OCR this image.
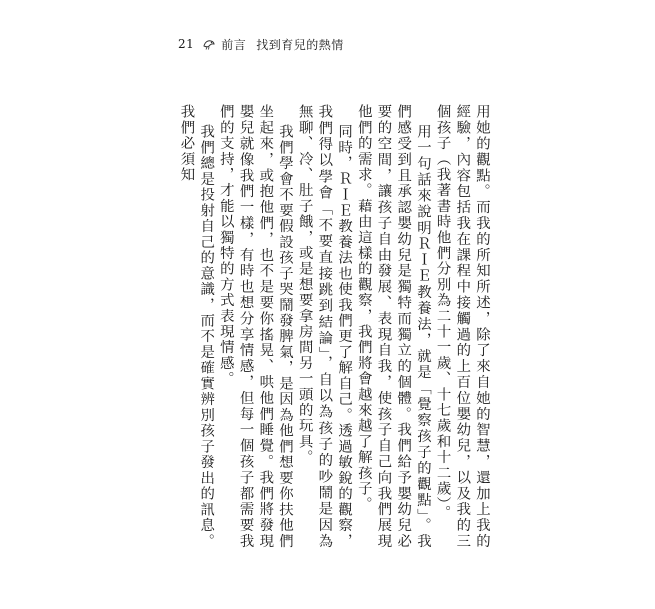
21 前言 找到育兒的熱情

用她的觀點。而我的所知所述，除了來自她的智慧，還加上我的經驗，內容包括我在課程中接觸過的上百位嬰幼兒，以及我的三個孩子（我著書時他們分別為二十一歲、十七歲和十二歲）。

用一句話來說明ＲＩＥ教養法，就是「覺察孩子的觀點」。我們感受到且承認嬰幼兒是獨特而獨立的個體。我們給予嬰幼兒必要的空間，讓孩子自由發展、表現自我，使孩子自己向我們展現他們的需求。藉由這樣的觀察，我們將會越來越了解孩子。

同時，ＲＩＥ教養法也使我們更了解自己。透過敏銳的觀察，我們得以學會「不要直接跳到結論」，自以為孩子的吵鬧是因為無聊、冷、肚子餓，或是想要拿房間另一頭的玩具。

我們學會不要假設孩子哭鬧發脾氣，是因為他們想要你扶他們坐起來，或抱他們，也不是要你搖晃、哄他們睡覺。我們將發現嬰兒就像我們一樣，有時也想分享情感，但每一個孩子都需要我們的支持，才能以獨特的方式表現情感。

我們總是投射自己的意識，而不是確實辨別孩子發出的訊息。我們必須知
